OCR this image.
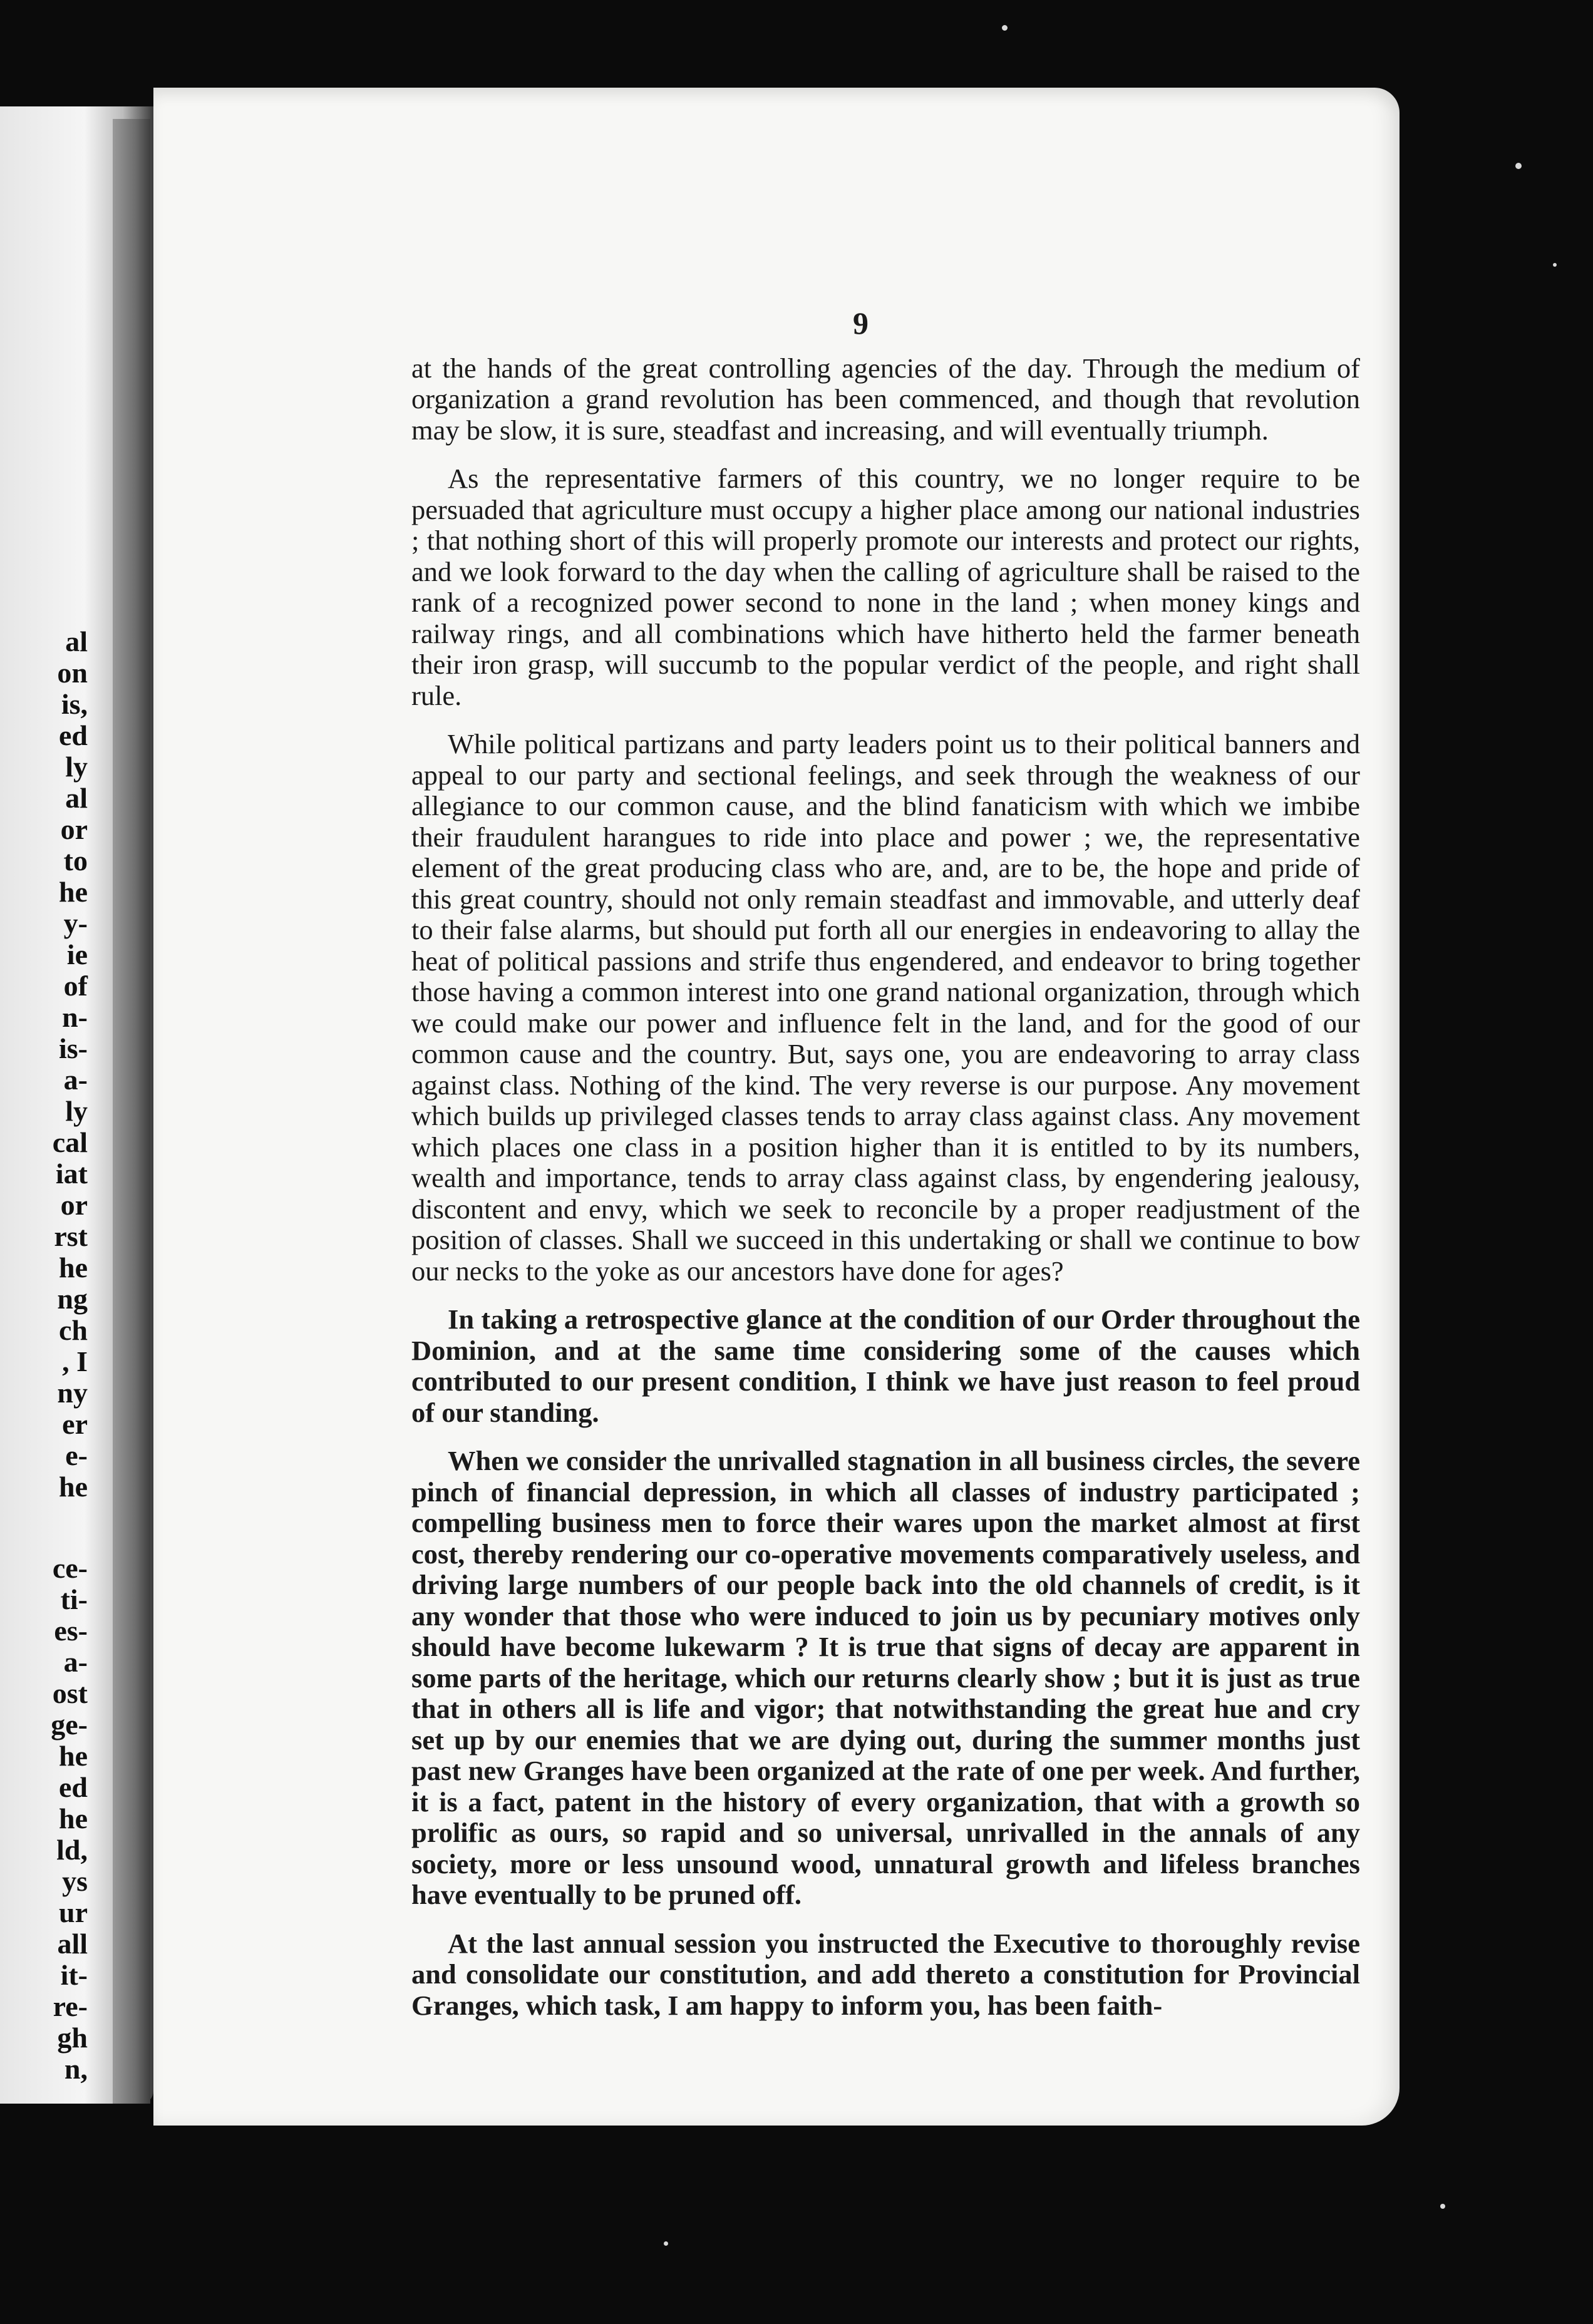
al
on
is,
ed
ly
al
or
to
he
y-
ie
of
n-
is-
a-
ly
cal
iat
or
rst
he
ng
ch
, I
ny
er
e-
he
ce-
ti-
es-
a-
ost
ge-
he
ed
he
ld,
ys
ur
all
it-
re-
gh
n,
9

at the hands of the great controlling agencies of the day. Through the medium of organization a grand revolution has been commenced, and though that revolution may be slow, it is sure, steadfast and increasing, and will eventually triumph.

As the representative farmers of this country, we no longer require to be persuaded that agriculture must occupy a higher place among our national industries ; that nothing short of this will properly promote our interests and protect our rights, and we look forward to the day when the calling of agriculture shall be raised to the rank of a recognized power second to none in the land ; when money kings and railway rings, and all combinations which have hitherto held the farmer beneath their iron grasp, will succumb to the popular verdict of the people, and right shall rule.

While political partizans and party leaders point us to their political banners and appeal to our party and sectional feelings, and seek through the weakness of our allegiance to our common cause, and the blind fanaticism with which we imbibe their fraudulent harangues to ride into place and power ; we, the representative element of the great producing class who are, and, are to be, the hope and pride of this great country, should not only remain steadfast and immovable, and utterly deaf to their false alarms, but should put forth all our energies in endeavoring to allay the heat of political passions and strife thus engendered, and endeavor to bring together those having a common interest into one grand national organization, through which we could make our power and influence felt in the land, and for the good of our common cause and the country. But, says one, you are endeavoring to array class against class. Nothing of the kind. The very reverse is our purpose. Any movement which builds up privileged classes tends to array class against class. Any movement which places one class in a position higher than it is entitled to by its numbers, wealth and importance, tends to array class against class, by engendering jealousy, discontent and envy, which we seek to reconcile by a proper readjustment of the position of classes. Shall we succeed in this undertaking or shall we continue to bow our necks to the yoke as our ancestors have done for ages?

In taking a retrospective glance at the condition of our Order throughout the Dominion, and at the same time considering some of the causes which contributed to our present condition, I think we have just reason to feel proud of our standing.

When we consider the unrivalled stagnation in all business circles, the severe pinch of financial depression, in which all classes of industry participated ; compelling business men to force their wares upon the market almost at first cost, thereby rendering our co-operative movements comparatively useless, and driving large numbers of our people back into the old channels of credit, is it any wonder that those who were induced to join us by pecuniary motives only should have become lukewarm ? It is true that signs of decay are apparent in some parts of the heritage, which our returns clearly show ; but it is just as true that in others all is life and vigor; that notwithstanding the great hue and cry set up by our enemies that we are dying out, during the summer months just past new Granges have been organized at the rate of one per week. And further, it is a fact, patent in the history of every organization, that with a growth so prolific as ours, so rapid and so universal, unrivalled in the annals of any society, more or less unsound wood, unnatural growth and lifeless branches have eventually to be pruned off.

At the last annual session you instructed the Executive to thoroughly revise and consolidate our constitution, and add thereto a constitution for Provincial Granges, which task, I am happy to inform you, has been faith-
